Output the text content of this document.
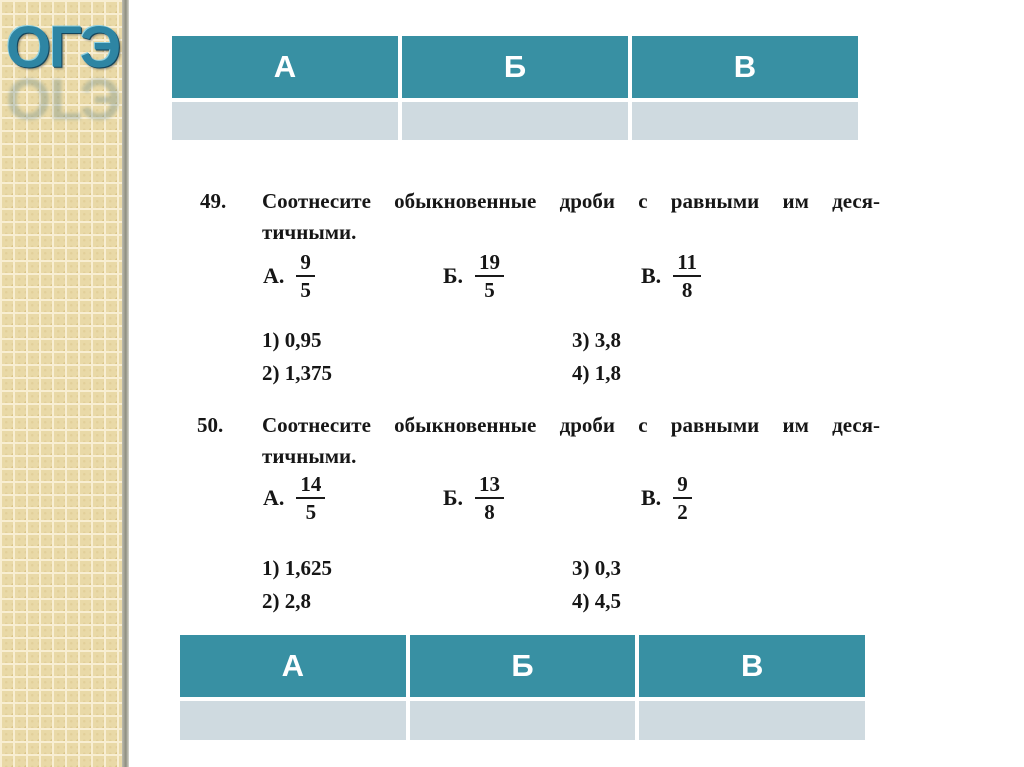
ОГЭ
ОГЭ	А	Б	В
49. Соотнесите обыкновенные дроби с равными им деся-
тичными.
А. $\frac{9}{5}$	Б. $\frac{19}{5}$	В. $\frac{11}{8}$
1) 0,95
2) 1,375
3) 3,8
4) 1,8
50. Соотнесите обыкновенные дроби с равными им деся-
тичными.
А. $\frac{14}{5}$	Б. $\frac{13}{8}$	В. $\frac{9}{2}$
1) 1,625
2) 2,8
3) 0,3
4) 4,5
А	Б	В
